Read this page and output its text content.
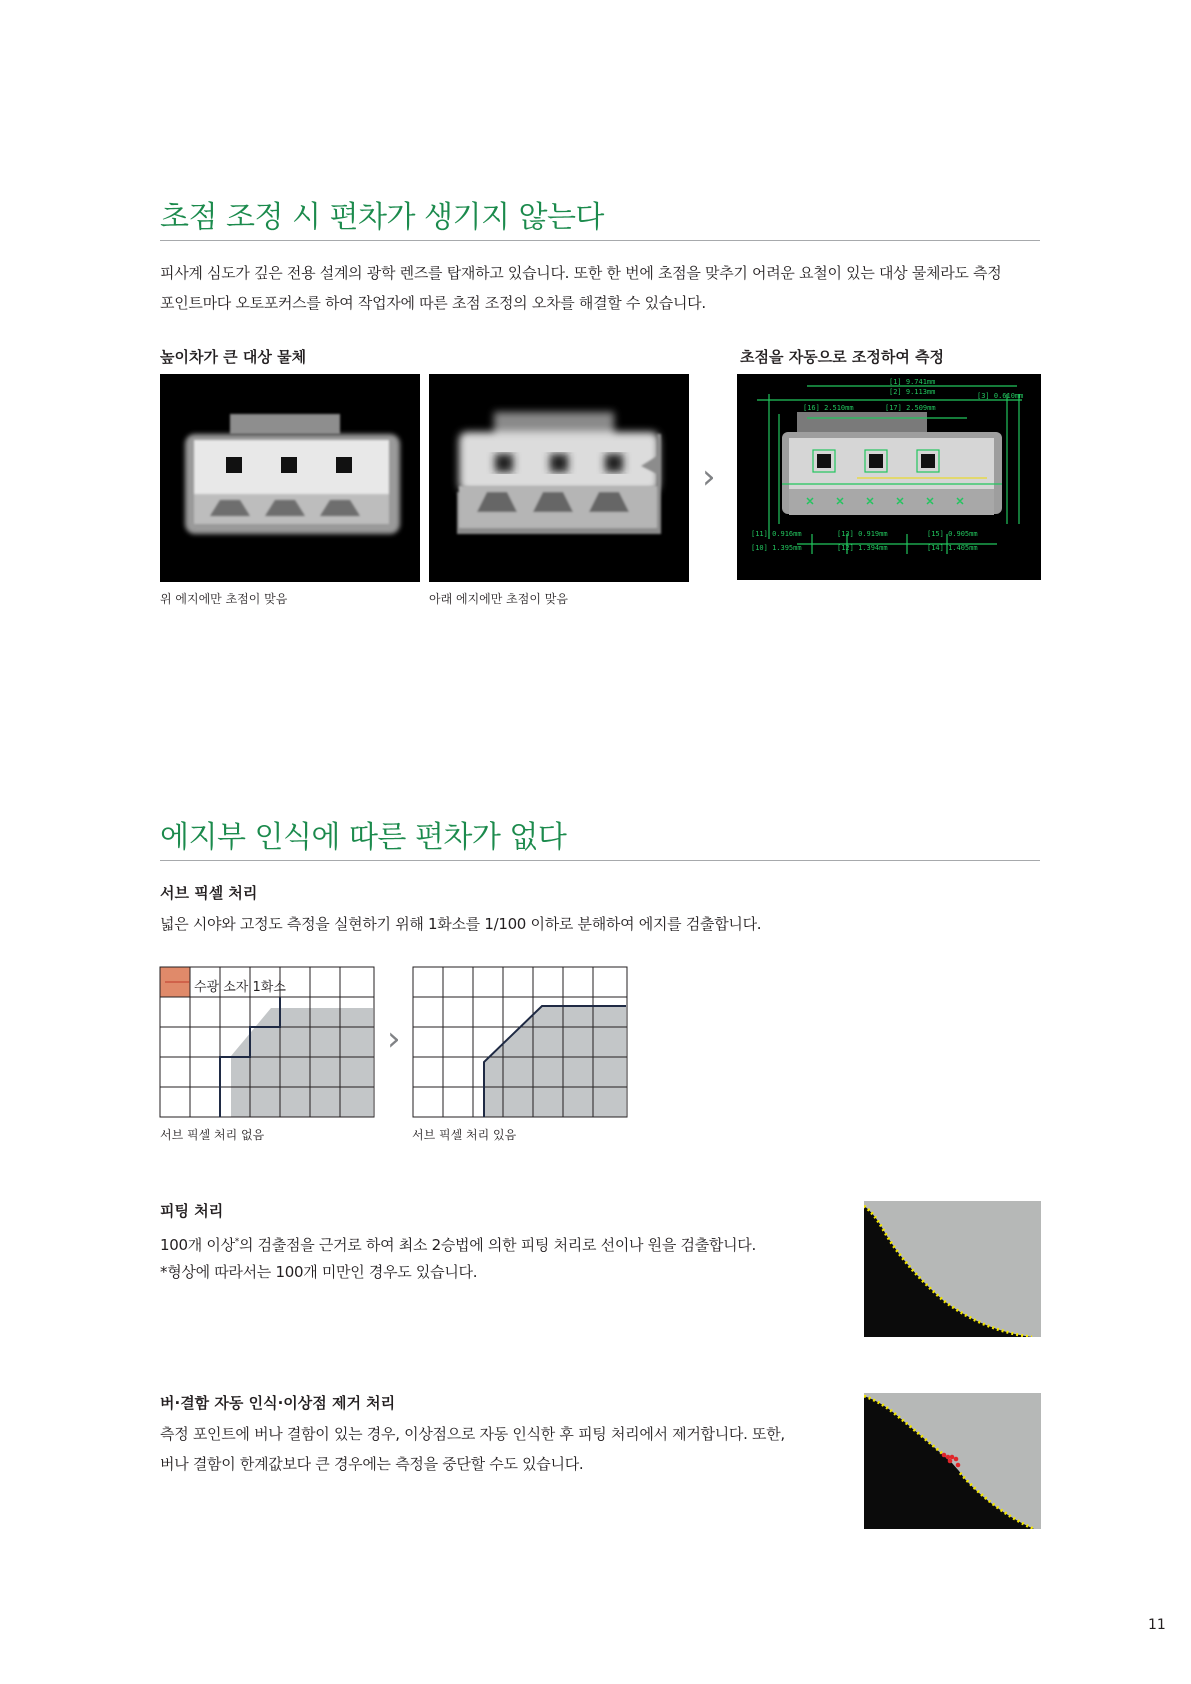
초점 조정 시 편차가 생기지 않는다
피사계 심도가 깊은 전용 설계의 광학 렌즈를 탑재하고 있습니다. 또한 한 번에 초점을 맞추기 어려운 요철이 있는 대상 물체라도 측정
포인트마다 오토포커스를 하여 작업자에 따른 초점 조정의 오차를 해결할 수 있습니다.
높이차가 큰 대상 물체	초점을 자동으로 조정하여 측정
›
[1] 9.741mm
[2] 9.113mm	[3] 0.610mm
[16] 2.510mm	[17] 2.509mm
[11] 0.916mm	[13] 0.919mm	[15] 0.905mm
[10] 1.395mm	[12] 1.394mm	[14] 1.405mm
위 에지에만 초점이 맞음	아래 에지에만 초점이 맞음
에지부 인식에 따른 편차가 없다
서브 픽셀 처리
넓은 시야와 고정도 측정을 실현하기 위해 1화소를 1/100 이하로 분해하여 에지를 검출합니다.
수광 소자 1화소
›
서브 픽셀 처리 없음	서브 픽셀 처리 있음
피팅 처리
100개 이상*의 검출점을 근거로 하여 최소 2승법에 의한 피팅 처리로 선이나 원을 검출합니다.
*형상에 따라서는 100개 미만인 경우도 있습니다.
버·결함 자동 인식·이상점 제거 처리
측정 포인트에 버나 결함이 있는 경우, 이상점으로 자동 인식한 후 피팅 처리에서 제거합니다. 또한,
버나 결함이 한계값보다 큰 경우에는 측정을 중단할 수도 있습니다.
11
